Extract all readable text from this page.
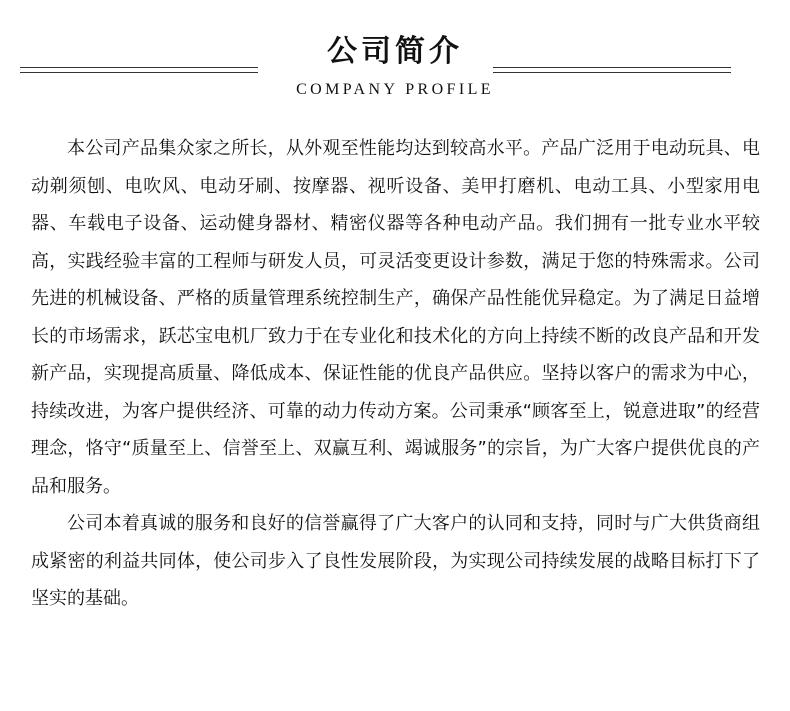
公司简介
COMPANY PROFILE

本公司产品集众家之所长，从外观至性能均达到较高水平。产品广泛用于电动玩具、电动剃须刨、电吹风、电动牙刷、按摩器、视听设备、美甲打磨机、电动工具、小型家用电器、车载电子设备、运动健身器材、精密仪器等各种电动产品。我们拥有一批专业水平较高，实践经验丰富的工程师与研发人员，可灵活变更设计参数，满足于您的特殊需求。公司先进的机械设备、严格的质量管理系统控制生产，确保产品性能优异稳定。为了满足日益增长的市场需求，跃芯宝电机厂致力于在专业化和技术化的方向上持续不断的改良产品和开发新产品，实现提高质量、降低成本、保证性能的优良产品供应。坚持以客户的需求为中心，持续改进，为客户提供经济、可靠的动力传动方案。公司秉承“顾客至上，锐意进取”的经营理念，恪守“质量至上、信誉至上、双赢互利、竭诚服务”的宗旨，为广大客户提供优良的产品和服务。

公司本着真诚的服务和良好的信誉赢得了广大客户的认同和支持，同时与广大供货商组成紧密的利益共同体，使公司步入了良性发展阶段，为实现公司持续发展的战略目标打下了坚实的基础。
